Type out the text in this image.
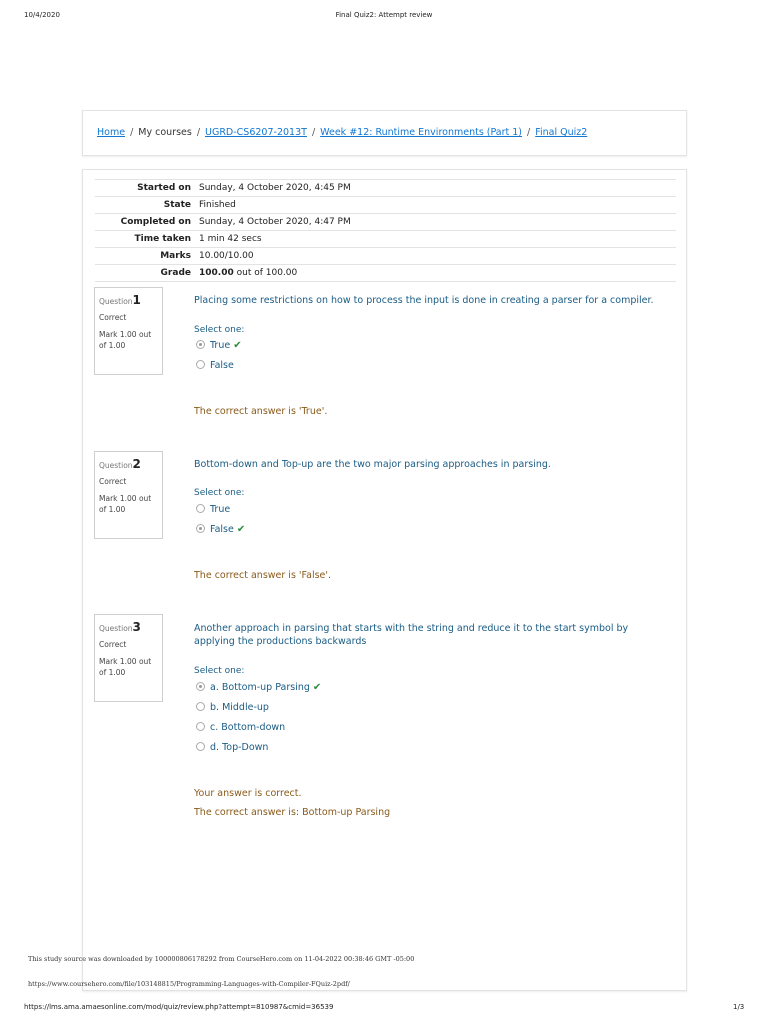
10/4/2020	Final Quiz2: Attempt review
Home / My courses / UGRD-CS6207-2013T / Week #12: Runtime Environments (Part 1) / Final Quiz2
Started on	Sunday, 4 October 2020, 4:45 PM
State	Finished
Completed on	Sunday, 4 October 2020, 4:47 PM
Time taken	1 min 42 secs
Marks	10.00/10.00
Grade	100.00 out of 100.00
Question1
Correct
Mark 1.00 out of 1.00
Placing some restrictions on how to process the input is done in creating a parser for a compiler.
Select one:
True ✔
False
The correct answer is 'True'.
Question2
Correct
Mark 1.00 out of 1.00
Bottom-down and Top-up are the two major parsing approaches in parsing.
Select one:
True
False ✔
The correct answer is 'False'.
Question3
Correct
Mark 1.00 out of 1.00
Another approach in parsing that starts with the string and reduce it to the start symbol by applying the productions backwards
Select one:
a. Bottom-up Parsing ✔
b. Middle-up
c. Bottom-down
d. Top-Down
Your answer is correct.
The correct answer is: Bottom-up Parsing
This study source was downloaded by 100000806178292 from CourseHero.com on 11-04-2022 00:38:46 GMT -05:00
https://www.coursehero.com/file/103148815/Programming-Languages-with-Compiler-FQuiz-2pdf/
https://lms.ama.amaesonline.com/mod/quiz/review.php?attempt=810987&cmid=36539	1/3
